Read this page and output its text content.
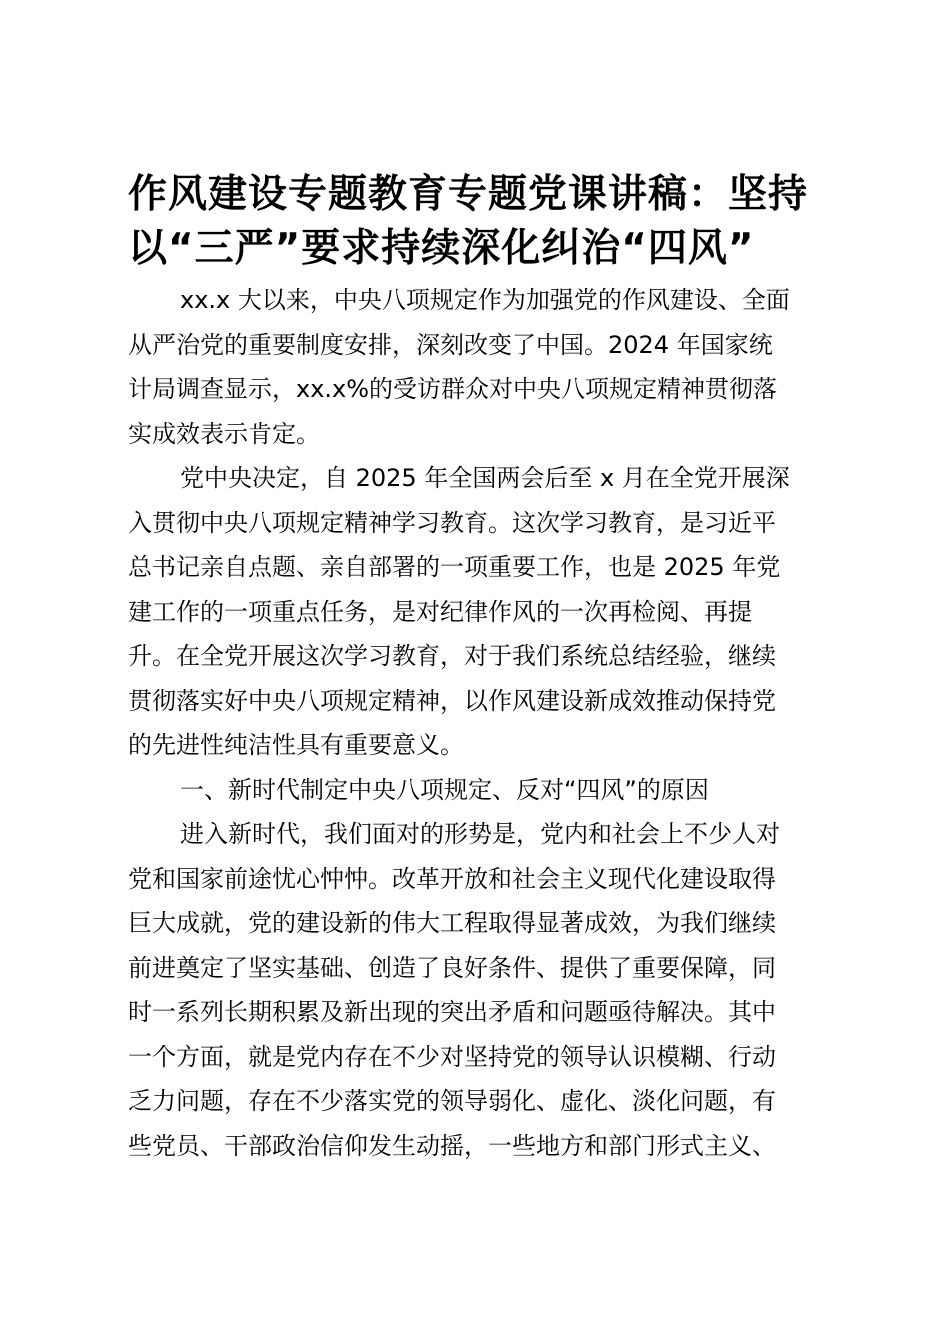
作风建设专题教育专题党课讲稿：坚持
以“三严”要求持续深化纠治“四风”

xx.x 大以来，中央八项规定作为加强党的作风建设、全面
从严治党的重要制度安排，深刻改变了中国。2024 年国家统
计局调查显示，xx.x%的受访群众对中央八项规定精神贯彻落
实成效表示肯定。

党中央决定，自 2025 年全国两会后至 x 月在全党开展深
入贯彻中央八项规定精神学习教育。这次学习教育，是习近平
总书记亲自点题、亲自部署的一项重要工作，也是 2025 年党
建工作的一项重点任务，是对纪律作风的一次再检阅、再提
升。在全党开展这次学习教育，对于我们系统总结经验，继续
贯彻落实好中央八项规定精神，以作风建设新成效推动保持党
的先进性纯洁性具有重要意义。

一、新时代制定中央八项规定、反对“四风”的原因

进入新时代，我们面对的形势是，党内和社会上不少人对
党和国家前途忧心忡忡。改革开放和社会主义现代化建设取得
巨大成就，党的建设新的伟大工程取得显著成效，为我们继续
前进奠定了坚实基础、创造了良好条件、提供了重要保障，同
时一系列长期积累及新出现的突出矛盾和问题亟待解决。其中
一个方面，就是党内存在不少对坚持党的领导认识模糊、行动
乏力问题，存在不少落实党的领导弱化、虚化、淡化问题，有
些党员、干部政治信仰发生动摇，一些地方和部门形式主义、
